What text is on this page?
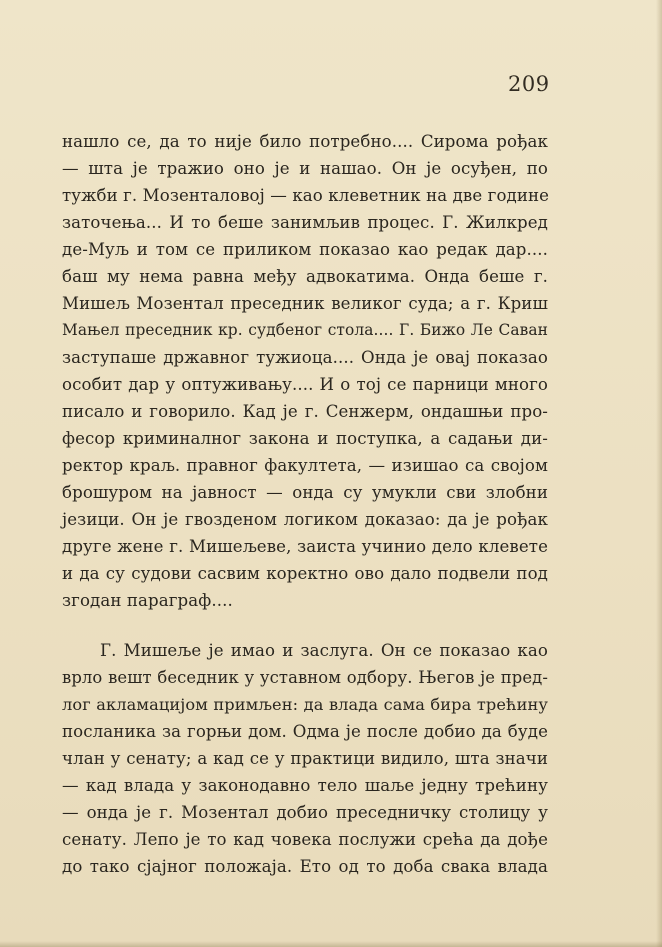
209
нашло се, да то није било потребно.... Сирома рођак
— шта је тражио оно је и нашао. Он је осуђен, по
тужби г. Мозенталовој — као клеветник на две године
заточења... И то беше занимљив процес. Г. Жилкред
де-Муљ и том се приликом показао као редак дар....
баш му нема равна међу адвокатима. Онда беше г.
Мишељ Мозентал преседник великог суда; а г. Криш
Мањел преседник кр. судбеног стола.... Г. Бижо Ле Саван
заступаше државног тужиоца.... Онда је овај показао
особит дар у оптуживању.... И о тој се парници много
писало и говорило. Кад је г. Сенжерм, ондашњи про-
фесор криминалног закона и поступка, а садањи ди-
ректор краљ. правног факултета, — изишао са својом
брошуром на јавност — онда су умукли сви злобни
језици. Он је гвозденом логиком доказао: да је рођак
друге жене г. Мишељеве, заиста учинио дело клевете
и да су судови сасвим коректно ово дало подвели под
згодан параграф....
Г. Мишеље је имао и заслуга. Он се показао као
врло вешт беседник у уставном одбору. Његов је пред-
лог акламацијом примљен: да влада сама бира трећину
посланика за горњи дом. Одма је после добио да буде
члан у сенату; а кад се у практици видило, шта значи
— кад влада у законодавно тело шаље једну трећину
— онда је г. Мозентал добио преседничку столицу у
сенату. Лепо је то кад човека послужи срећа да дође
до тако сјајног положаја. Ето од то доба свака влада
